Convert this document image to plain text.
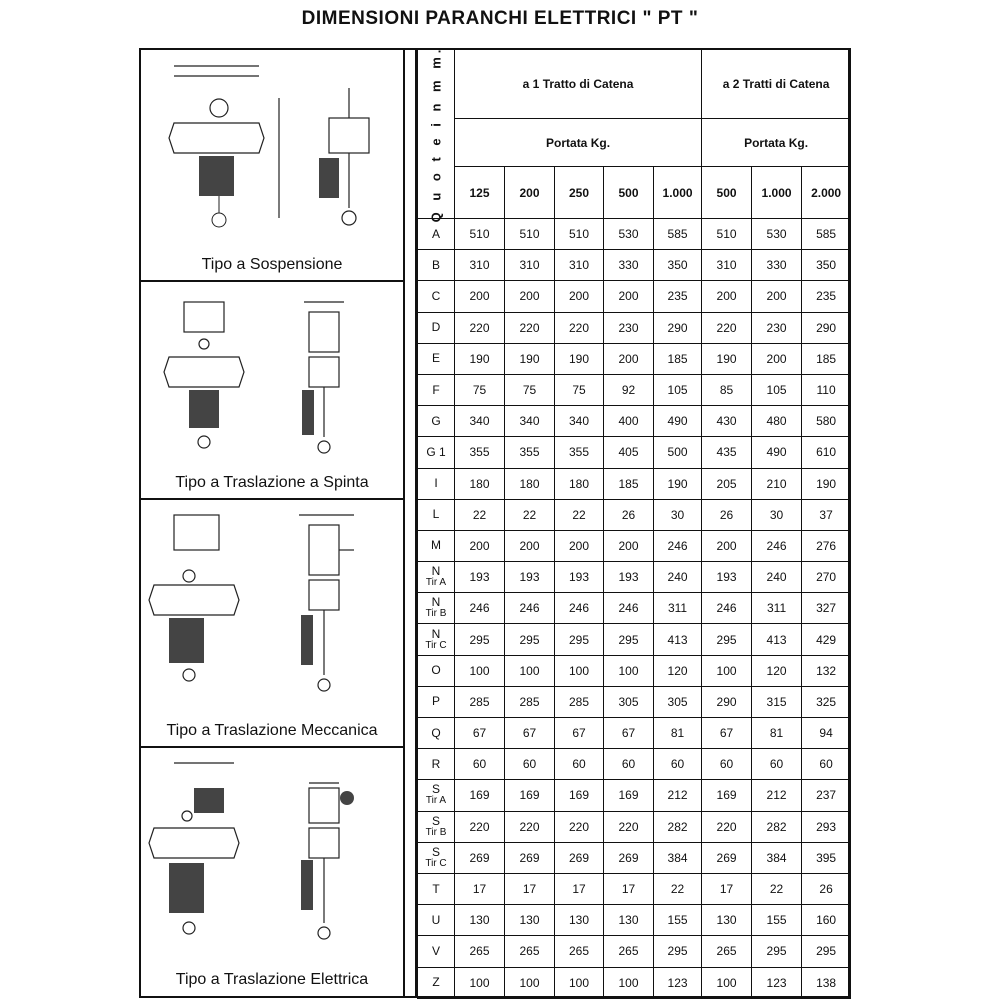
DIMENSIONI PARANCHI ELETTRICI " PT "
Tipo a Sospensione
Tipo a Traslazione a Spinta
Tipo a Traslazione Meccanica
Tipo a Traslazione Elettrica
Q u o t e i n m m.	a 1 Tratto di Catena					a 2 Tratti di Catena		
	Portata Kg.					Portata Kg.		
	125	200	250	500	1.000	500	1.000	2.000
A	510	510	510	530	585	510	530	585
B	310	310	310	330	350	310	330	350
C	200	200	200	200	235	200	200	235
D	220	220	220	230	290	220	230	290
E	190	190	190	200	185	190	200	185
F	75	75	75	92	105	85	105	110
G	340	340	340	400	490	430	480	580
G 1	355	355	355	405	500	435	490	610
I	180	180	180	185	190	205	210	190
L	22	22	22	26	30	26	30	37
M	200	200	200	200	246	200	246	276

N
Tir A	193	193	193	193	240	193	240	270

N
Tir B	246	246	246	246	311	246	311	327

N
Tir C	295	295	295	295	413	295	413	429
O	100	100	100	100	120	100	120	132
P	285	285	285	305	305	290	315	325
Q	67	67	67	67	81	67	81	94
R	60	60	60	60	60	60	60	60

S
Tir A	169	169	169	169	212	169	212	237

S
Tir B	220	220	220	220	282	220	282	293

S
Tir C	269	269	269	269	384	269	384	395
T	17	17	17	17	22	17	22	26
U	130	130	130	130	155	130	155	160
V	265	265	265	265	295	265	295	295
Z	100	100	100	100	123	100	123	138
